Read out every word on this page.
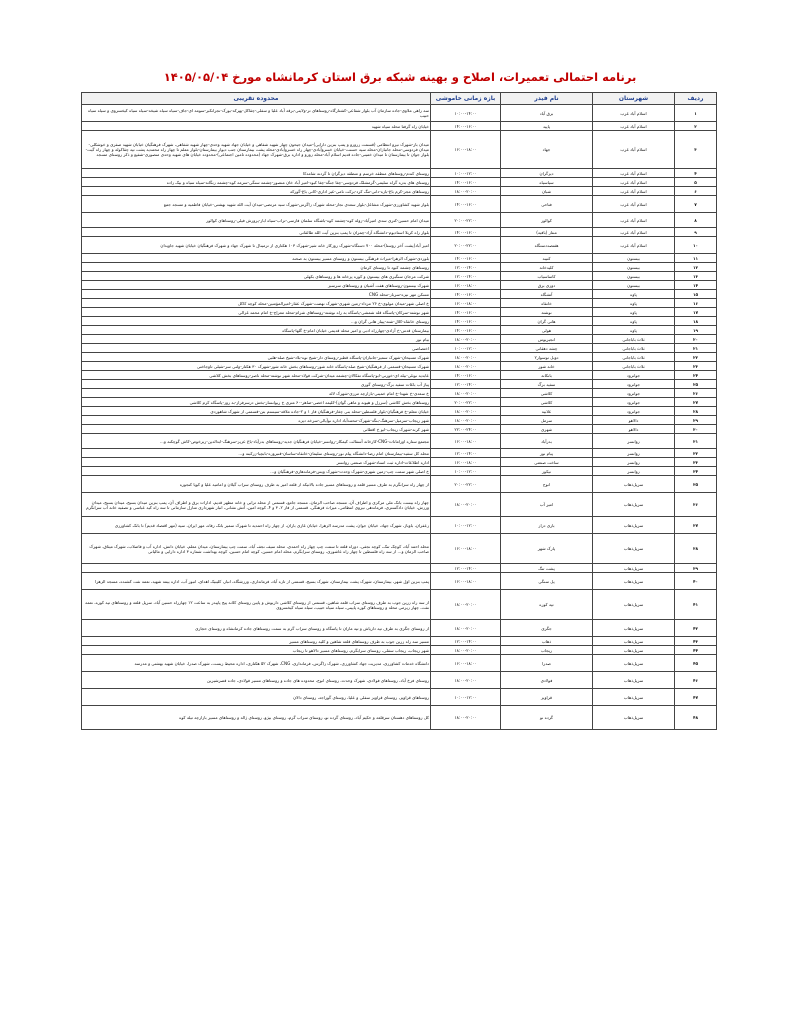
برنامه احتمالی تعمیرات، اصلاح و بهینه شبکه برق استان کرمانشاه مورخ ۱۴۰۵/۰۵/۰۴
ردیف	شهرستان	نام فیدر	بازه زمانی خاموشی	محدوده تقریبی
۱	اسلام آباد غرب	برق آباد	۱۰:۰۰-۱۴:۰۰	سه راهی ملاوی-جاده سازمان آب بلوار شفاعی-کشتارگاه-روستاهای تر-ولایتی-برقه آباد علیا و سفلی-چقاکل-پهرکه-بورک-نجرانکبر-سومه ای-جاف-سیاه سیاه شیخه-سیاه سیاه کیخسروی و سیاه سیاه حبیب
۲	اسلام آباد غرب	پاپید	۱۴:۰۰-۱۶:۰۰	خیابان راه گرفتا محله سپاه شهید
۳	اسلام آباد غرب	جهاد	۱۶:۰۰-۱۸:۰۰	میدان بار-شهرک نیرو انتظامی (قسمت زرورو و پمپ بنزین دارایی)-میدان جیحون چهار شهید شفاهی و خیابان جهاد شهید وحدی-چهار شهید شفاهی، شهرک فرهنگیان خیابان شهید صفری و خوشکلی-میدان فردوسی-محله جانبازان-محله سپه حسنت-خیابان خسروآبادی-چهار راه خسروآبادی-محله پشت بیمارستان جنب دیوار بیمارستان-بلوار معلم تا چهار راه محمدیه پشت تپه چقاکوله و چهار راه گیت-بلوار جوان تا بیمارستان تا میدان خمینی-جاده قدیم اسلام آباد-محله زورو و اداره برق-شهرک جهاد (محدوده تامین اجتماعی)-محدوده خیابان های شهید وحدی منصوری-شفیع و ذکر روستای مسجد
۴	اسلام آباد غرب	دیزگران	۱۰:۰۰-۱۲:۰۰	روستای کندم-روستاهای منطقه خرسم و منطقه دیزگران تا گردنه شامدکا
۵	اسلام آباد غرب	سیاسیاه	۱۴:۰۰-۱۶:۰۰	روستای های بدره گراه سلیمی-گرمشلک فردوسی-چغا جنگه-چغا کبود-امیر آباد خان منصور-چشمه سنگی-سرمه کوه-چشمه زنگانه-سیاه سیاه و بیک زاده
۶	اسلام آباد غرب	شبان	۱۸:۰۰-۲۰:۰۰	روستاهای مجر-کرم باغ-بازه-دانی-تنگ کرد-برکت نامی-غیر اداری-کانی باغ-گورکه
۷	اسلام آباد غرب	فتاحی	۱۴:۰۰-۱۶:۰۰	بلوار شهید کشاورزی-شهرک مشاغل-بلوار سعدی نجار-محله شهرک زاگرس-شهرک سید مرتضی-میدان آیت الله شهید بهشتی-خیابان فاطمیه و مسجد جمع
۸	اسلام آباد غرب	کوالور	۲۰:۰۰-۲۲:۰۰	میدان امام حسین-کتری سدی امیرآباد-زوله کوه-چشمه کوه-باشگاه سلمان فارسی-تراب-سیاه اباز-پرورش فیلی-روستاهای کوالور
۹	اسلام آباد غرب	منتاز (بافیه)	۱۴:۰۰-۱۶:۰۰	بلوار راه کربلا استادیوم-دانشگاه آزاد-چمران تا پمپ بنزین آیت الله طالقانی
۱۰	اسلام آباد غرب	هفتصددستگاه	۲۰:۰۰-۲۲:۰۰	امیر آباد(پشت آخر روستا)-محله ۷۰۰ دستگاه-شهرک روزکار خانه شیر-شهرک ۱۰۳ هکتاری از ترمینال تا شهرک جهاد و شهرک فرهنگیان خیابان شهید جاویدان
۱۱	بیستون	کتیبه	۱۴:۰۰-۱۶:۰۰	بلوردی-شهرک الزهرا-میراث فرهنگی بیستون و روستای مسیر بیستون به صحنه
۱۲	بیستون	کلیدخانه	۱۲:۰۰-۱۴:۰۰	روستاهای چشمه کبود تا روستای کرمان
۱۳	بیستون	کاساسیاب	۱۲:۰۰-۱۴:۰۰	شرکت مرجان سنگبری های بیستون و کوره پزخانه ها و روستاهای بکهلی
۱۴	بیستون	دوزی برق	۱۶:۰۰-۱۸:۰۰	شهرک بیستون-روستاهای هفت آشیان و روستاهای سرسبز
۱۵	پاوه	آتشگاه	۱۴:۰۰-۱۶:۰۰	مسکن مهر نیزه-سرباز-محله CNG
۱۶	پاوه	خانقاه	۱۶:۰۰-۱۸:۰۰	خ اصلی شهر-میدان مولوی-خ ۲۶ مرداد-زمین شهری-شهرک نهضت-شهرک عقار-امیرالمؤمنین-محله کوچه کاکل
۱۷	پاوه	نوشته	۱۴:۰۰-۱۶:۰۰	شهر نوشته-سرکان-پاسگاه قله شمشی-پاسگاه به راه نوشته-روستاهای شرام-محله معراج-خ امام محمد غزالی
۱۸	پاوه	هانی گران	۱۴:۰۰-۱۶:۰۰	روستای خانقاه-کلال-شته-پیباز هانی گران و...
۱۹	پاوه	هولی	۱۴:۰۰-۱۶:۰۰	بیمارستان قدس-خ آزادی-چهارراه ادبی و امیر محله قدیمی خیابان امام-خ گلها-پاسگاه
۲۰	ثلاث باباجانی	انجیریوس	۱۸:۰۰-۲۰:۰۰	بیام نور
۲۱	ثلاث باباجانی	چشه دهقانی	۱۰:۰۰-۱۲:۰۰	اختصاصی
۲۲	ثلاث باباجانی	دوبل توسوار۲	۱۸:۰۰-۲۰:۰۰	شهرک مسیحان-شهرک سمیر-جانبازان-پاسگاه قطبر-روستای دار-شیخ نوه-بلاد-شیخ صله-هلبی
۲۳	ثلاث باباجانی	خانه شور	۱۸:۰۰-۲۰:۰۰	شهرک مسیحان-قسمتی از فرهنگیان-شیخ صله-پاسگاه خانه شور-روستاهای بخش خانه شور-شهرک ۳۰ هکتار-ولنی سر-شیلی تاوجاختی
۲۴	جوانرود	بانکانه	۱۴:۰۰-۱۶:۰۰	عابدیه نوبلی-بیله ای-خورنی-ابو-پاسگاه تفکالان-چشمه میدان-شرکت فولاد-محله شهر نوشته-محله ناصر-روستاهای بخش کلاشی
۲۵	جوانرود	سفید برگ	۱۲:۰۰-۱۴:۰۰	پیاژ آب باغات سفید برگ-روستای گوری
۲۶	جوانرود	کلاشی	۱۸:۰۰-۲۰:۰۰	خ سعدی-خ شهدا-خ امام خمینی-بازارچه مرزی-شهرک لاله
۲۷	جوانرود	کلاشی	۲۰:۰۰-۲۲:۰۰	روستاهای بخش کلاشی (سرزل و هیونه و ماهی گوان)-کلیمه اخضی-ضاهر-۶۰ متری خ ریوانسار-بخش درسرفراز-به روز-پاسگاه کرم کلاشی
۲۸	جوانرود	علابیه	۱۸:۰۰-۲۰:۰۰	خیابان معلم-خ فرهنگیان-بلوار فلسطین-محله بنی چغار-فرهنگیان فاز ۱ و ۲-جاده ملاقه-سیستم بتن-قسمتی از شهرک شاهوردی
۲۹	دالاهو	سرمل	۱۸:۰۰-۲۰:۰۰	شهر ریجاب-سرمیل-سرهنگ-بنگه-شهرک-محمدآباد اداره نوآیالی-سرخه دیزه
۳۰	دالاهو	شهری	۲۲:۰۰-۲۴:۰۰	شهر کرند-شهرک ریجاب-ابو خ اقطانی
۳۱	روانسر	بدرآباد	۱۶:۰۰-۱۸:۰۰	مجتمع ستاره اورامانات-CNG-کارخانه آسفالت کیمکار-روانسر-خیابان فرهنگیان جدید-روستاهای بدرآباد-باغ عزیز-سرهنگ-ابدالدین-زیرخوص-کاش گوچکنه و...
۳۲	روانسر	پیام نور	۱۲:۰۰-۱۴:۰۰	محله کل سفید-بیمارستان امام رضا-دانشگاه پیام نور-روستای سلیمان-خانقاه-ساسان-قنبروزه-بابچیا-زرکبنه و...
۳۳	روانسر	ساخت صنعتی	۱۶:۰۰-۱۸:۰۰	اداره اطلاعات-اداره ثبت اسناد-شهرک صنعتی روانسر
۳۴	روانسر	نیکور	۱۰:۰۰-۱۲:۰۰	خ اصلی شهر سمت چپ-زمین شهری-شهرک وحدت-شهرک ویس-فرماندهاری-فرهنگیان و...
۳۵	سرپل‌ذهاب	انوج	۲۰:۰۰-۲۲:۰۰	از چهار راه سرانگرم به طرف مسیر قلعه و روستاهای مسیر جاده بالاتیکه از قلعه امیر به طرف روستای سراب گیلان و امامیه علیا و کوپا کنجوره
۳۶	سرپل‌ذهاب	امیر آب	۱۸:۰۰-۲۰:۰۰	چهار راه بیست بانک ملی مرکزی و اطراف آن، مسجد صاحب الزمان، مسجد جامع، قسمتی از محله ترابی و خانه مطهر قدیم، ادارات برق و اطراف آن، پمپ بنزین میدان بسیج، میدان بسیج، میدان ورزش، خیابان دادگستری، فرماندهی نیروی انتظامی، میراث فرهنگی، قسمتی از فاز ۲، ۳ و ۴، کوچه امین، آتش نشانی، انبار شهرداری منازل سازمانی تا سه راه کیه عباسی و تصفیه خانه آب سرانگرم
۳۷	سرپل‌ذهاب	باری دراز	۱۰:۰۰-۱۲:۰۰	زعفران، باوباژ، شهرک جهاد، خیابان جوان، پشت مدرسه الزهرا، خیابان غازی باران، از چهار راه احمدیه تا شهرک سمیر بانک رفاه، مهر ایران، سپه (مهر اقتصاد قدیم) تا بانک کشاورزی
۳۸	سرپل‌ذهاب	پارک شهر	۱۶:۰۰-۱۸:۰۰	محله احمد آباد، کوچک تنک، کوچه نجفی، دوراه قلعه تا سمت چپ چهار راه احمدی، محله سیف نجف آباد، سمت چپ بیمارستان، میدان معلم، خیابان دانش، اداره آب و فاضلاب، شهرک میثاق، شهرک صاحب الزمان و... از سه راه فلسطین تا چهار راه عاشوری، روستای سرابگرم، محله امام حسین، کوچه امام حسین، کوچه بهداشت شماره ۳ اداره دارایی و مالیاتی
۳۹	سرپل‌ذهاب	پشت تنگ	۱۲:۰۰-۱۴:۰۰	
۴۰	سرپل‌ذهاب	پل سنگی	۱۶:۰۰-۱۸:۰۰	پمپ بنزین اول شهر، بیمارستان، شهرک پشت بیمارستان، شهرک بسیج، قسمتی از تازه آباد، فرمانداری، ورزشگاه، انبار، کلینیک اهدای، انبور آب، اداره بیمه شهید، نعمه نفت کشنده، مسجد الزهرا
۴۱	سرپل‌ذهاب	تپه کوره	۱۸:۰۰-۲۰:۰۰	از سه راه زرین جوب به طرف روستای سراب قلعه شاهین، قسمتی از روستای کلاشی داریوش و پایین روستای کلانه پیج پاپیدر به ساعت ۱۲ چهارراه حسین آباد، سرپل قلعه و روستاهای تپه کوره، نعمه نفت، چهار زیرمی محله و روستاهای کوره پایینی، سیاه سیاه حبیب، سیاه سیاه کیخسروی
۴۲	سرپل‌ذهاب	جگری	۱۸:۰۰-۲۰:۰۰	از روستای جگری به طرف تپه داریاش و تپه ماران تا پاسگاه و روستای سراب گرم به سمت روستاهای جاده کرمانشاه و روستای حجاری
۴۳	سرپل‌ذهاب	ذهاب	۱۲:۰۰-۱۴:۰۰	مسیر سه راه زرین جوب به طرف روستاهای قلعه شاهین و کلیه روستاهای مسیر
۴۴	سرپل‌ذهاب	ریجاب	۱۸:۰۰-۲۰:۰۰	شهر ریجاب، ریجاب سفلی، روستای سرابگرم، روستاهای مسیر دالاهو تا ریجاب
۴۵	سرپل‌ذهاب	صدرا	۱۶:۰۰-۱۸:۰۰	دانشگاه خدمات کشاورزی، مدیریت جهاد کشاورزی، شهرک زاگرس، فرمانداری، CNG، شهرک ۵۲ هکتاری، اداره محیط زیست، شهرک صدرا، خیابان شهید بهشتی و مدرسه
۴۶	سرپل‌ذهاب	فولادی	۱۸:۰۰-۲۰:۰۰	روستای فرخ آباد، روستاهای فولادی، شهرک وحدت، روستای انوج، محدوده های جاده و روستاهای مسیر فولادی، جاده قصرشیرین
۴۷	سرپل‌ذهاب	قراویز	۱۰:۰۰-۱۲:۰۰	روستاهای قراویز، روستای قراویز سفلی و علیا، روستای گوراجه، روستای دالان
۴۸	سرپل‌ذهاب	گرده نو	۱۸:۰۰-۲۰:۰۰	کل روستاهای دهستان سرقلعه و حکیم آباد، روستای گرده نو، روستای سراب گرم، روستای بیژو، روستای ژاله و روستاهای مسیر بازارچه تیله کوه
